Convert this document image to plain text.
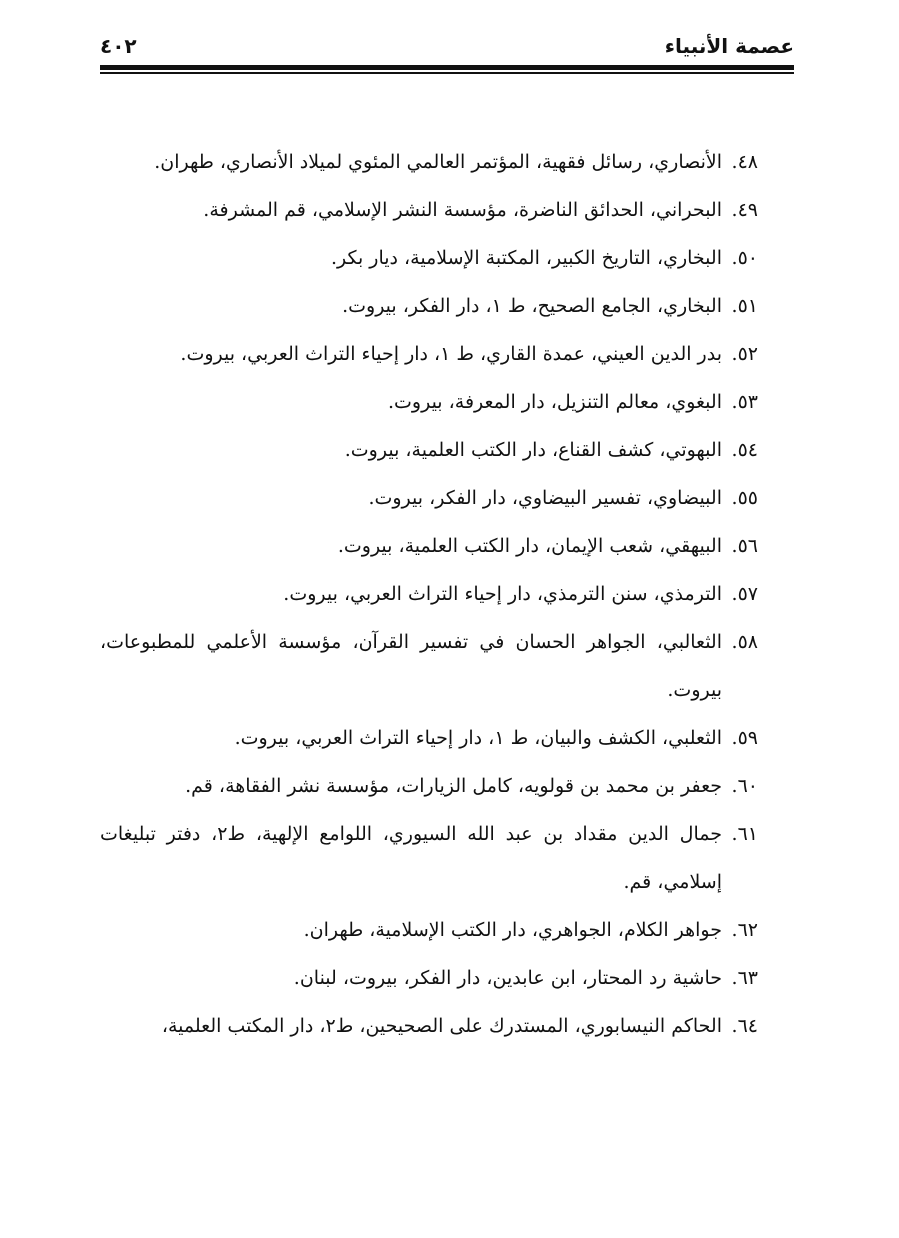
عصمة الأنبياء
٤٠٢
٤٨.
الأنصاري، رسائل فقهية، المؤتمر العالمي المئوي لميلاد الأنصاري، طهران.
٤٩.
البحراني، الحدائق الناضرة، مؤسسة النشر الإسلامي، قم المشرفة.
٥٠.
البخاري، التاريخ الكبير، المكتبة الإسلامية، ديار بكر.
٥١.
البخاري، الجامع الصحيح، ط ١، دار الفكر، بيروت.
٥٢.
بدر الدين العيني، عمدة القاري، ط ١، دار إحياء التراث العربي، بيروت.
٥٣.
البغوي، معالم التنزيل، دار المعرفة، بيروت.
٥٤.
البهوتي، كشف القناع، دار الكتب العلمية، بيروت.
٥٥.
البيضاوي، تفسير البيضاوي، دار الفكر، بيروت.
٥٦.
البيهقي، شعب الإيمان، دار الكتب العلمية، بيروت.
٥٧.
الترمذي، سنن الترمذي، دار إحياء التراث العربي، بيروت.
٥٨.
الثعالبي، الجواهر الحسان في تفسير القرآن، مؤسسة الأعلمي للمطبوعات، بيروت.
٥٩.
الثعلبي، الكشف والبيان، ط ١، دار إحياء التراث العربي، بيروت.
٦٠.
جعفر بن محمد بن قولويه، كامل الزيارات، مؤسسة نشر الفقاهة، قم.
٦١.
جمال الدين مقداد بن عبد الله السيوري، اللوامع الإلهية، ط٢، دفتر تبليغات إسلامي، قم.
٦٢.
جواهر الكلام، الجواهري، دار الكتب الإسلامية، طهران.
٦٣.
حاشية رد المحتار، ابن عابدين، دار الفكر، بيروت، لبنان.
٦٤.
الحاكم النيسابوري، المستدرك على الصحيحين، ط٢، دار المكتب العلمية،
